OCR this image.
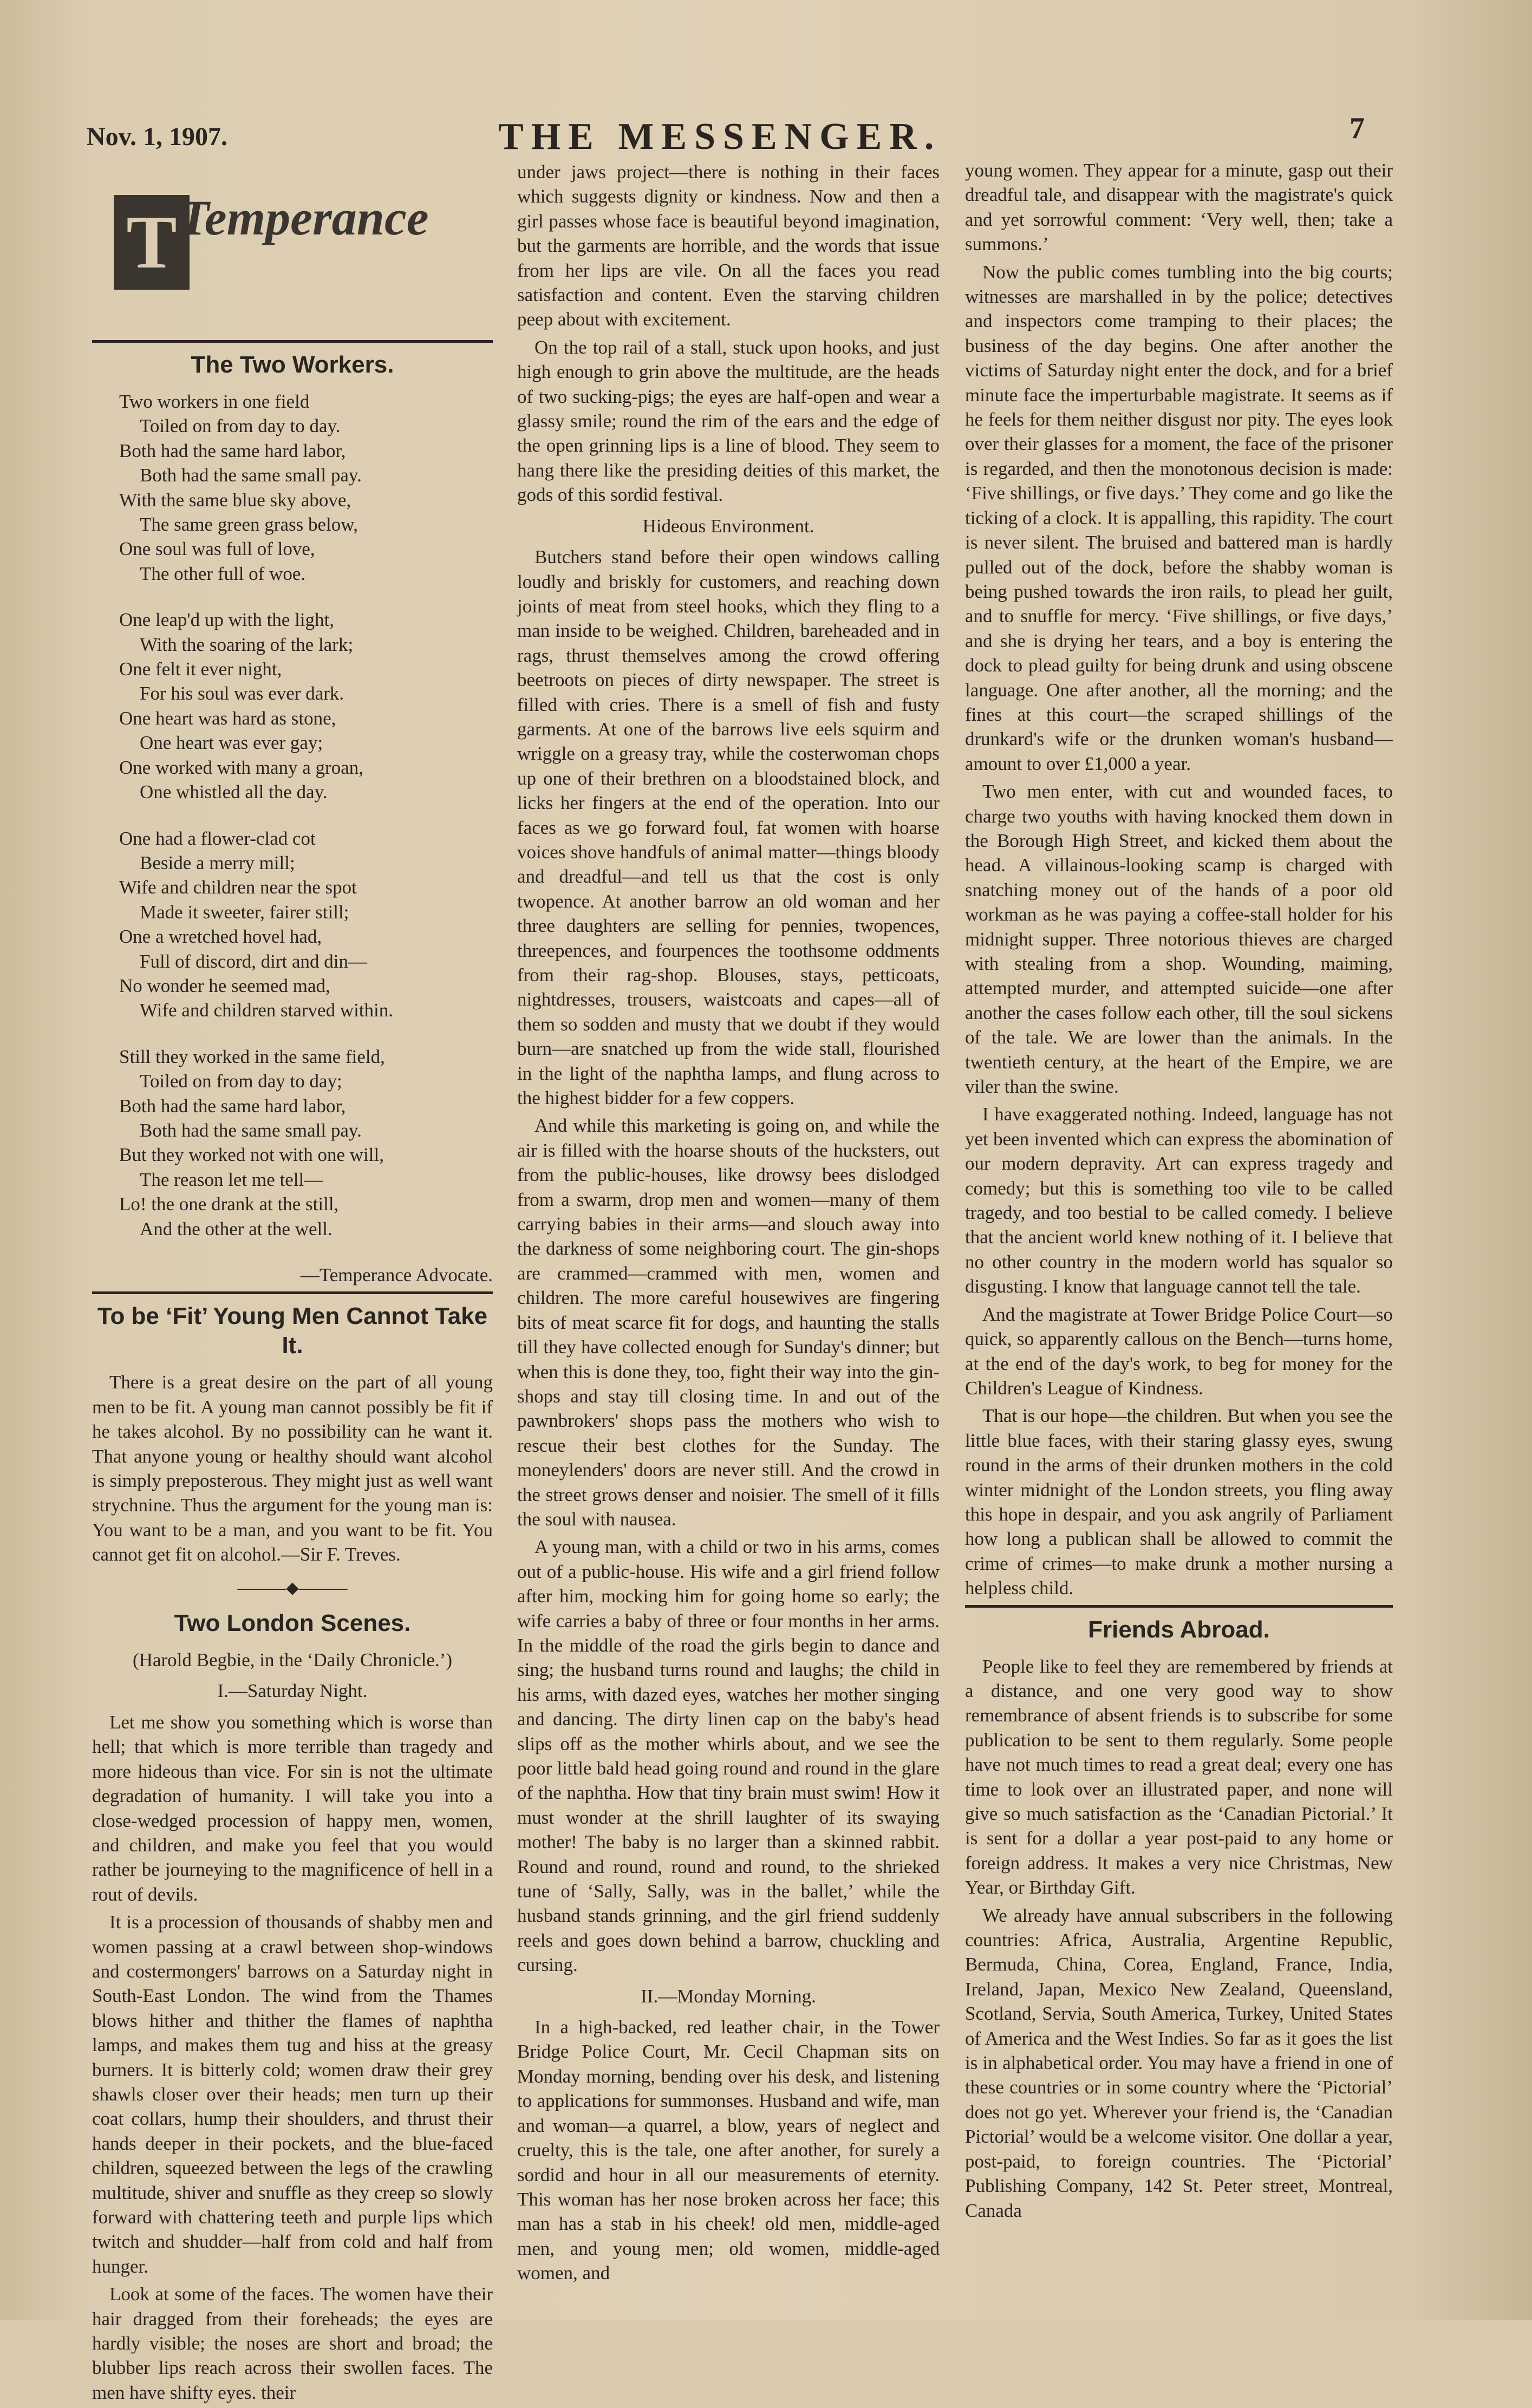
Nov. 1, 1907.	THE MESSENGER.	7
T Temperance
The Two Workers.
Two workers in one field
Toiled on from day to day.
Both had the same hard labor,
Both had the same small pay.
With the same blue sky above,
The same green grass below,
One soul was full of love,
The other full of woe.
One leap'd up with the light,
With the soaring of the lark;
One felt it ever night,
For his soul was ever dark.
One heart was hard as stone,
One heart was ever gay;
One worked with many a groan,
One whistled all the day.
One had a flower-clad cot
Beside a merry mill;
Wife and children near the spot
Made it sweeter, fairer still;
One a wretched hovel had,
Full of discord, dirt and din—
No wonder he seemed mad,
Wife and children starved within.
Still they worked in the same field,
Toiled on from day to day;
Both had the same hard labor,
Both had the same small pay.
But they worked not with one will,
The reason let me tell—
Lo! the one drank at the still,
And the other at the well.
—Temperance Advocate.
To be ‘Fit’ Young Men Cannot Take It.

There is a great desire on the part of all young men to be fit. A young man cannot possibly be fit if he takes alcohol. By no possibility can he want it. That anyone young or healthy should want alcohol is simply preposterous. They might just as well want strychnine. Thus the argument for the young man is: You want to be a man, and you want to be fit. You cannot get fit on alcohol.—Sir F. Treves.

———◆———
Two London Scenes.
(Harold Begbie, in the ‘Daily Chronicle.’)
I.—Saturday Night.

Let me show you something which is worse than hell; that which is more terrible than tragedy and more hideous than vice. For sin is not the ultimate degradation of humanity. I will take you into a close-wedged procession of happy men, women, and children, and make you feel that you would rather be journeying to the magnificence of hell in a rout of devils.

It is a procession of thousands of shabby men and women passing at a crawl between shop-windows and costermongers' barrows on a Saturday night in South-East London. The wind from the Thames blows hither and thither the flames of naphtha lamps, and makes them tug and hiss at the greasy burners. It is bitterly cold; women draw their grey shawls closer over their heads; men turn up their coat collars, hump their shoulders, and thrust their hands deeper in their pockets, and the blue-faced children, squeezed between the legs of the crawling multitude, shiver and snuffle as they creep so slowly forward with chattering teeth and purple lips which twitch and shudder—half from cold and half from hunger.

Look at some of the faces. The women have their hair dragged from their foreheads; the eyes are hardly visible; the noses are short and broad; the blubber lips reach across their swollen faces. The men have shifty eyes. their

under jaws project—there is nothing in their faces which suggests dignity or kindness. Now and then a girl passes whose face is beautiful beyond imagination, but the garments are horrible, and the words that issue from her lips are vile. On all the faces you read satisfaction and content. Even the starving children peep about with excitement.

On the top rail of a stall, stuck upon hooks, and just high enough to grin above the multitude, are the heads of two sucking-pigs; the eyes are half-open and wear a glassy smile; round the rim of the ears and the edge of the open grinning lips is a line of blood. They seem to hang there like the presiding deities of this market, the gods of this sordid festival.

Hideous Environment.

Butchers stand before their open windows calling loudly and briskly for customers, and reaching down joints of meat from steel hooks, which they fling to a man inside to be weighed. Children, bareheaded and in rags, thrust themselves among the crowd offering beetroots on pieces of dirty newspaper. The street is filled with cries. There is a smell of fish and fusty garments. At one of the barrows live eels squirm and wriggle on a greasy tray, while the costerwoman chops up one of their brethren on a bloodstained block, and licks her fingers at the end of the operation. Into our faces as we go forward foul, fat women with hoarse voices shove handfuls of animal matter—things bloody and dreadful—and tell us that the cost is only twopence. At another barrow an old woman and her three daughters are selling for pennies, twopences, threepences, and fourpences the toothsome oddments from their rag-shop. Blouses, stays, petticoats, nightdresses, trousers, waistcoats and capes—all of them so sodden and musty that we doubt if they would burn—are snatched up from the wide stall, flourished in the light of the naphtha lamps, and flung across to the highest bidder for a few coppers.

And while this marketing is going on, and while the air is filled with the hoarse shouts of the hucksters, out from the public-houses, like drowsy bees dislodged from a swarm, drop men and women—many of them carrying babies in their arms—and slouch away into the darkness of some neighboring court. The gin-shops are crammed—crammed with men, women and children. The more careful housewives are fingering bits of meat scarce fit for dogs, and haunting the stalls till they have collected enough for Sunday's dinner; but when this is done they, too, fight their way into the gin-shops and stay till closing time. In and out of the pawnbrokers' shops pass the mothers who wish to rescue their best clothes for the Sunday. The moneylenders' doors are never still. And the crowd in the street grows denser and noisier. The smell of it fills the soul with nausea.

A young man, with a child or two in his arms, comes out of a public-house. His wife and a girl friend follow after him, mocking him for going home so early; the wife carries a baby of three or four months in her arms. In the middle of the road the girls begin to dance and sing; the husband turns round and laughs; the child in his arms, with dazed eyes, watches her mother singing and dancing. The dirty linen cap on the baby's head slips off as the mother whirls about, and we see the poor little bald head going round and round in the glare of the naphtha. How that tiny brain must swim! How it must wonder at the shrill laughter of its swaying mother! The baby is no larger than a skinned rabbit. Round and round, round and round, to the shrieked tune of ‘Sally, Sally, was in the ballet,’ while the husband stands grinning, and the girl friend suddenly reels and goes down behind a barrow, chuckling and cursing.

II.—Monday Morning.

In a high-backed, red leather chair, in the Tower Bridge Police Court, Mr. Cecil Chapman sits on Monday morning, bending over his desk, and listening to applications for summonses. Husband and wife, man and woman—a quarrel, a blow, years of neglect and cruelty, this is the tale, one after another, for surely a sordid and hour in all our measurements of eternity. This woman has her nose broken across her face; this man has a stab in his cheek! old men, middle-aged men, and young men; old women, middle-aged women, and

young women. They appear for a minute, gasp out their dreadful tale, and disappear with the magistrate's quick and yet sorrowful comment: ‘Very well, then; take a summons.’

Now the public comes tumbling into the big courts; witnesses are marshalled in by the police; detectives and inspectors come tramping to their places; the business of the day begins. One after another the victims of Saturday night enter the dock, and for a brief minute face the imperturbable magistrate. It seems as if he feels for them neither disgust nor pity. The eyes look over their glasses for a moment, the face of the prisoner is regarded, and then the monotonous decision is made: ‘Five shillings, or five days.’ They come and go like the ticking of a clock. It is appalling, this rapidity. The court is never silent. The bruised and battered man is hardly pulled out of the dock, before the shabby woman is being pushed towards the iron rails, to plead her guilt, and to snuffle for mercy. ‘Five shillings, or five days,’ and she is drying her tears, and a boy is entering the dock to plead guilty for being drunk and using obscene language. One after another, all the morning; and the fines at this court—the scraped shillings of the drunkard's wife or the drunken woman's husband—amount to over £1,000 a year.

Two men enter, with cut and wounded faces, to charge two youths with having knocked them down in the Borough High Street, and kicked them about the head. A villainous-looking scamp is charged with snatching money out of the hands of a poor old workman as he was paying a coffee-stall holder for his midnight supper. Three notorious thieves are charged with stealing from a shop. Wounding, maiming, attempted murder, and attempted suicide—one after another the cases follow each other, till the soul sickens of the tale. We are lower than the animals. In the twentieth century, at the heart of the Empire, we are viler than the swine.

I have exaggerated nothing. Indeed, language has not yet been invented which can express the abomination of our modern depravity. Art can express tragedy and comedy; but this is something too vile to be called tragedy, and too bestial to be called comedy. I believe that the ancient world knew nothing of it. I believe that no other country in the modern world has squalor so disgusting. I know that language cannot tell the tale.

And the magistrate at Tower Bridge Police Court—so quick, so apparently callous on the Bench—turns home, at the end of the day's work, to beg for money for the Children's League of Kindness.

That is our hope—the children. But when you see the little blue faces, with their staring glassy eyes, swung round in the arms of their drunken mothers in the cold winter midnight of the London streets, you fling away this hope in despair, and you ask angrily of Parliament how long a publican shall be allowed to commit the crime of crimes—to make drunk a mother nursing a helpless child.

Friends Abroad.

People like to feel they are remembered by friends at a distance, and one very good way to show remembrance of absent friends is to subscribe for some publication to be sent to them regularly. Some people have not much times to read a great deal; every one has time to look over an illustrated paper, and none will give so much satisfaction as the ‘Canadian Pictorial.’ It is sent for a dollar a year post-paid to any home or foreign address. It makes a very nice Christmas, New Year, or Birthday Gift.

We already have annual subscribers in the following countries: Africa, Australia, Argentine Republic, Bermuda, China, Corea, England, France, India, Ireland, Japan, Mexico New Zealand, Queensland, Scotland, Servia, South America, Turkey, United States of America and the West Indies. So far as it goes the list is in alphabetical order. You may have a friend in one of these countries or in some country where the ‘Pictorial’ does not go yet. Wherever your friend is, the ‘Canadian Pictorial’ would be a welcome visitor. One dollar a year, post-paid, to foreign countries. The ‘Pictorial’ Publishing Company, 142 St. Peter street, Montreal, Canada
